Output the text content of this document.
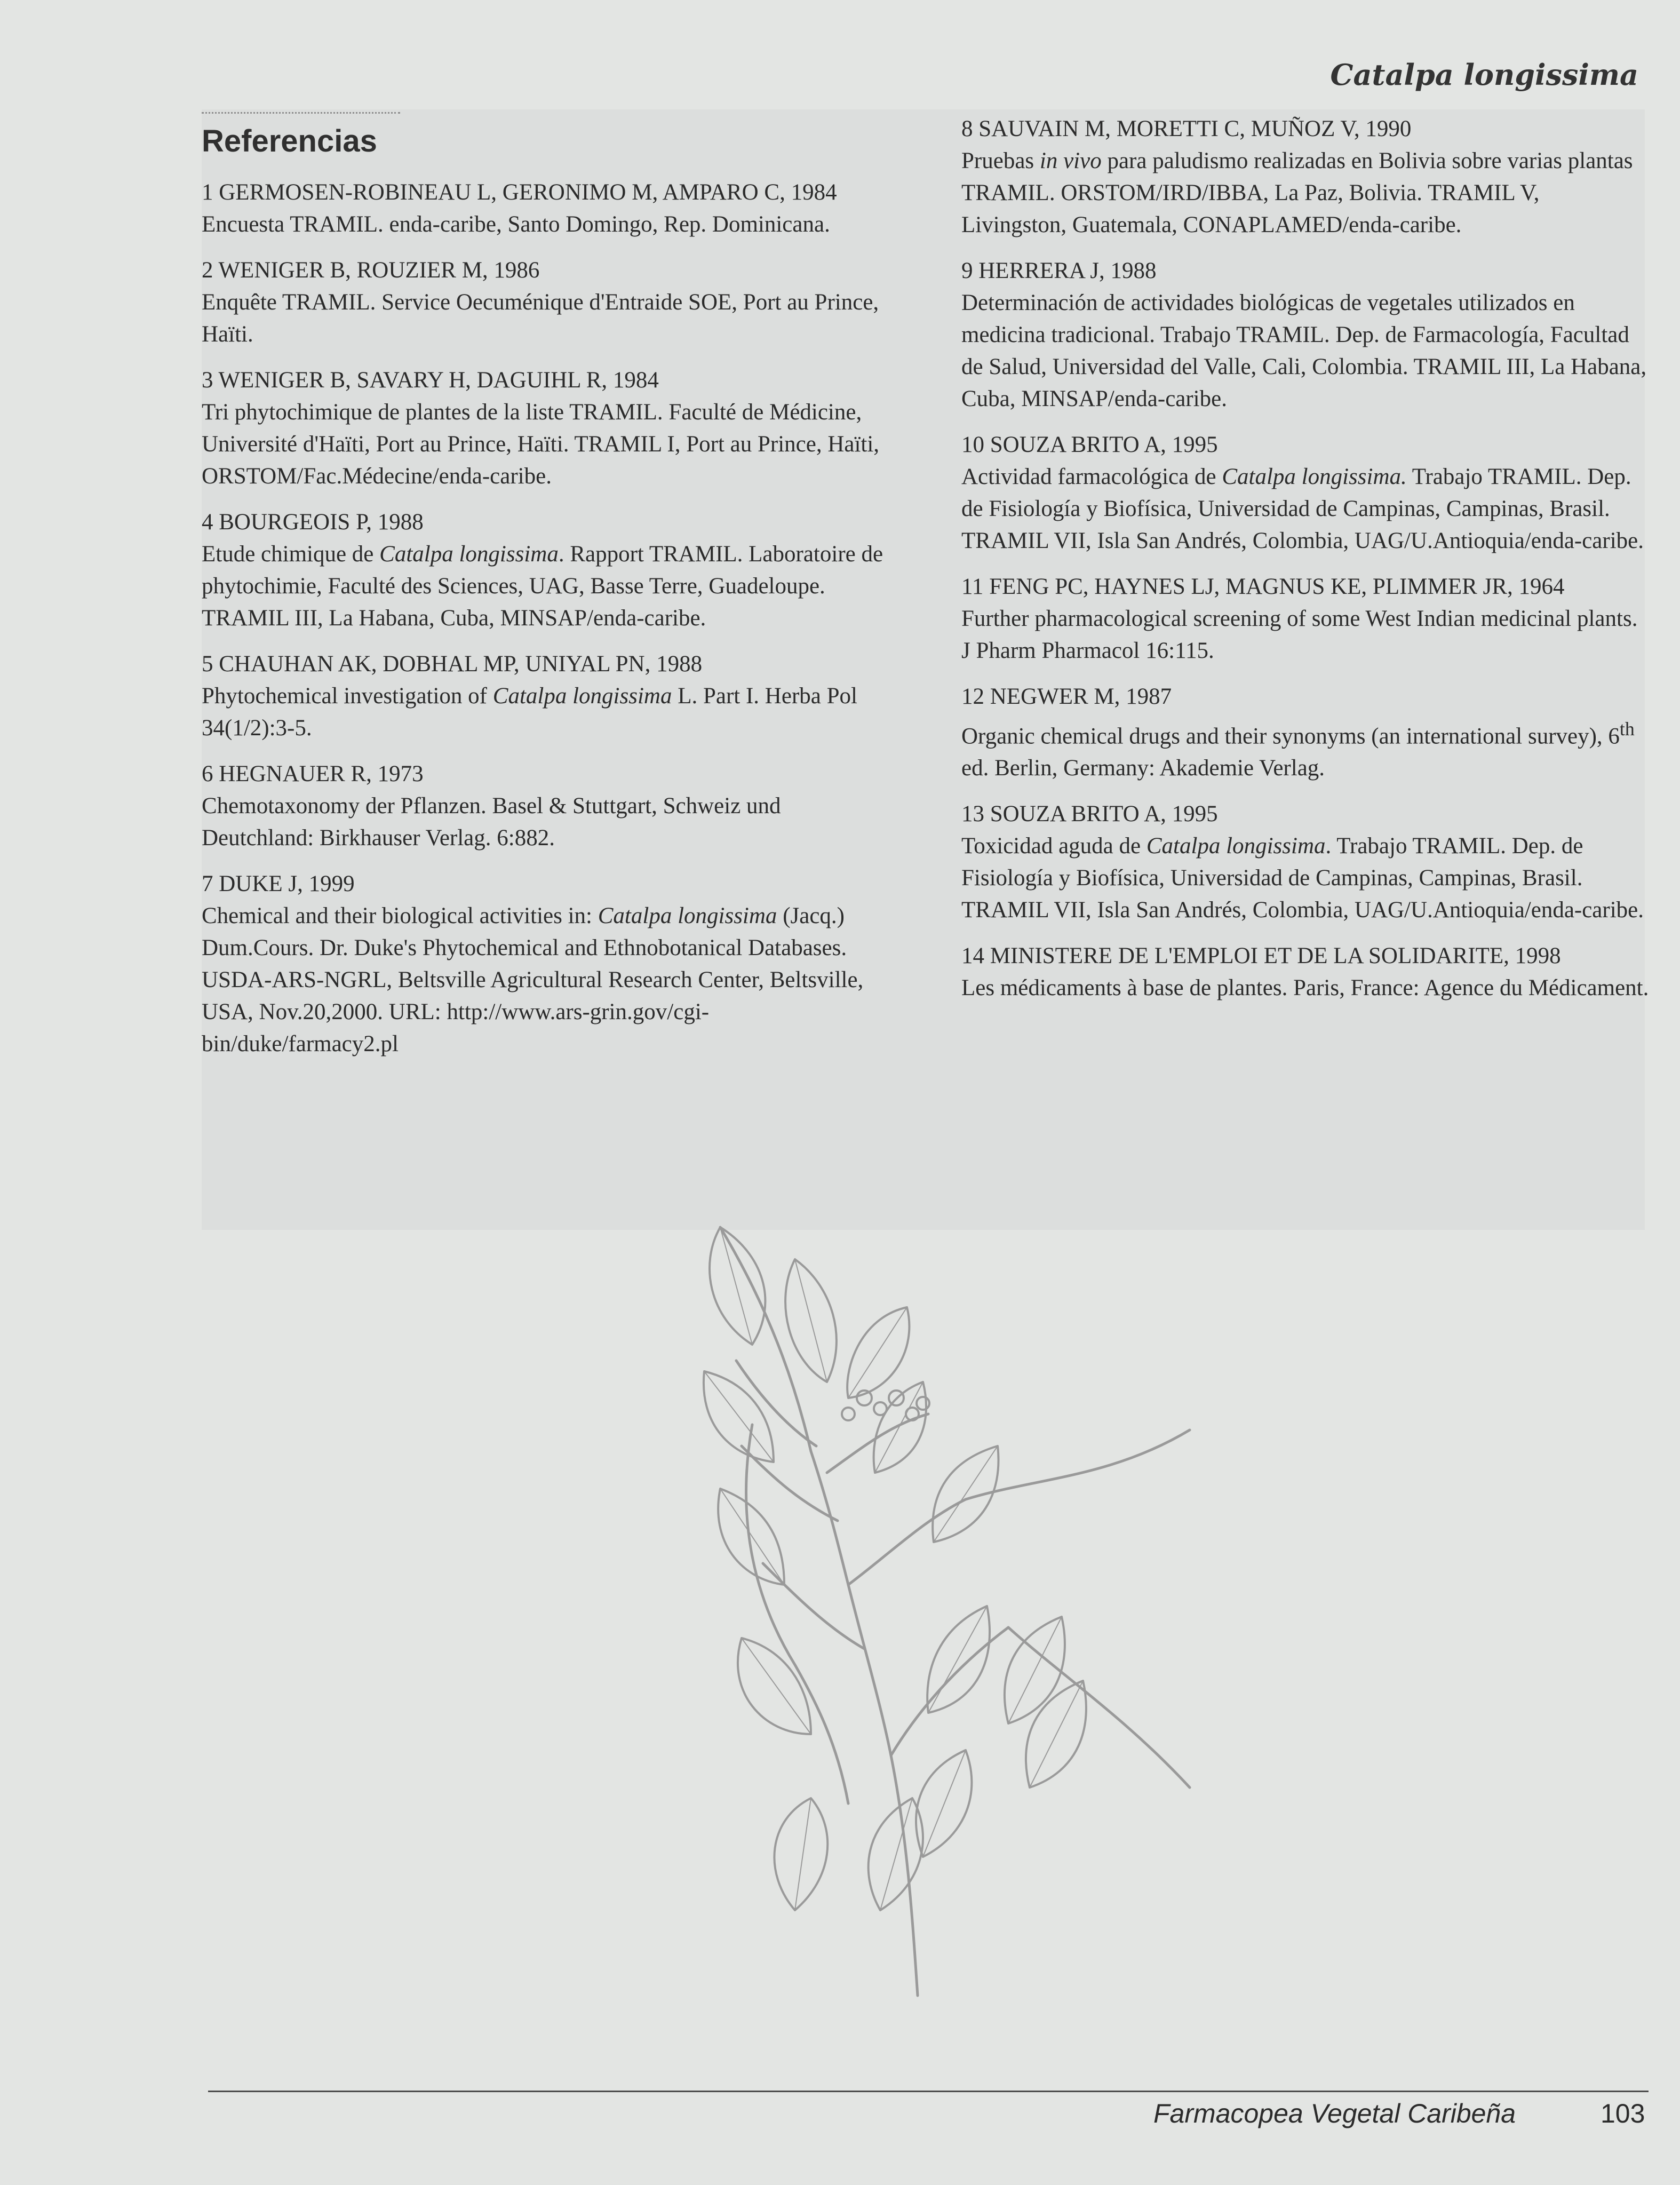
Catalpa longissima
Referencias
1 GERMOSEN-ROBINEAU L, GERONIMO M, AMPARO C, 1984
Encuesta TRAMIL. enda-caribe, Santo Domingo, Rep. Dominicana.
2 WENIGER B, ROUZIER M, 1986
Enquête TRAMIL. Service Oecuménique d'Entraide SOE, Port au Prince, Haïti.
3 WENIGER B, SAVARY H, DAGUIHL R, 1984
Tri phytochimique de plantes de la liste TRAMIL. Faculté de Médicine, Université d'Haïti, Port au Prince, Haïti. TRAMIL I, Port au Prince, Haïti, ORSTOM/Fac.Médecine/enda-caribe.
4 BOURGEOIS P, 1988
Etude chimique de Catalpa longissima. Rapport TRAMIL. Laboratoire de phytochimie, Faculté des Sciences, UAG, Basse Terre, Guadeloupe. TRAMIL III, La Habana, Cuba, MINSAP/enda-caribe.
5 CHAUHAN AK, DOBHAL MP, UNIYAL PN, 1988
Phytochemical investigation of Catalpa longissima L. Part I. Herba Pol 34(1/2):3-5.
6 HEGNAUER R, 1973
Chemotaxonomy der Pflanzen. Basel & Stuttgart, Schweiz und Deutchland: Birkhauser Verlag. 6:882.
7 DUKE J, 1999
Chemical and their biological activities in: Catalpa longissima (Jacq.) Dum.Cours. Dr. Duke's Phytochemical and Ethnobotanical Databases. USDA-ARS-NGRL, Beltsville Agricultural Research Center, Beltsville, USA, Nov.20,2000. URL: http://www.ars-grin.gov/cgi-bin/duke/farmacy2.pl
8 SAUVAIN M, MORETTI C, MUÑOZ V, 1990
Pruebas in vivo para paludismo realizadas en Bolivia sobre varias plantas TRAMIL. ORSTOM/IRD/IBBA, La Paz, Bolivia. TRAMIL V, Livingston, Guatemala, CONAPLAMED/enda-caribe.
9 HERRERA J, 1988
Determinación de actividades biológicas de vegetales utilizados en medicina tradicional. Trabajo TRAMIL. Dep. de Farmacología, Facultad de Salud, Universidad del Valle, Cali, Colombia. TRAMIL III, La Habana, Cuba, MINSAP/enda-caribe.
10 SOUZA BRITO A, 1995
Actividad farmacológica de Catalpa longissima. Trabajo TRAMIL. Dep. de Fisiología y Biofísica, Universidad de Campinas, Campinas, Brasil. TRAMIL VII, Isla San Andrés, Colombia, UAG/U.Antioquia/enda-caribe.
11 FENG PC, HAYNES LJ, MAGNUS KE, PLIMMER JR, 1964
Further pharmacological screening of some West Indian medicinal plants. J Pharm Pharmacol 16:115.
12 NEGWER M, 1987
Organic chemical drugs and their synonyms (an international survey), 6th ed. Berlin, Germany: Akademie Verlag.
13 SOUZA BRITO A, 1995
Toxicidad aguda de Catalpa longissima. Trabajo TRAMIL. Dep. de Fisiología y Biofísica, Universidad de Campinas, Campinas, Brasil. TRAMIL VII, Isla San Andrés, Colombia, UAG/U.Antioquia/enda-caribe.
14 MINISTERE DE L'EMPLOI ET DE LA SOLIDARITE, 1998
Les médicaments à base de plantes. Paris, France: Agence du Médicament.
Farmacopea Vegetal Caribeña	103
